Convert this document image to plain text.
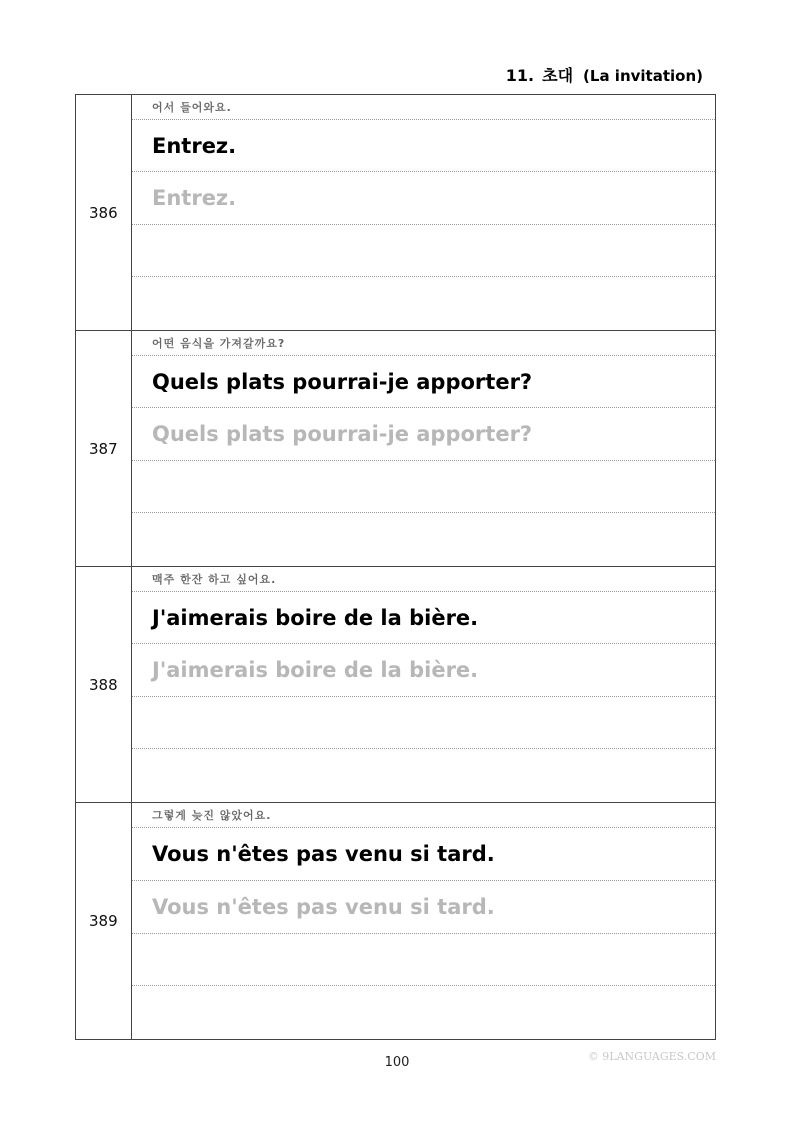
11. 초대 (La invitation)
386
어서 들어와요.
Entrez.
Entrez.
387
어떤 음식을 가져갈까요?
Quels plats pourrai-je apporter?
Quels plats pourrai-je apporter?
388
맥주 한잔 하고 싶어요.
J'aimerais boire de la bière.
J'aimerais boire de la bière.
389
그렇게 늦진 않았어요.
Vous n'êtes pas venu si tard.
Vous n'êtes pas venu si tard.
100	© 9LANGUAGES.COM
